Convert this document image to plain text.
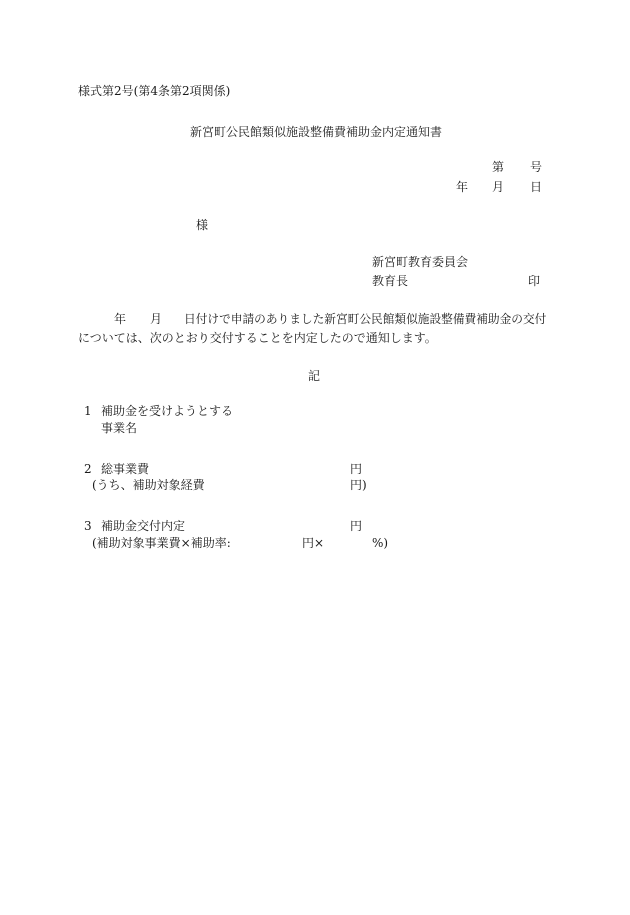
様式第2号(第4条第2項関係)
新宮町公民館類似施設整備費補助金内定通知書
第 号
年 月 日
様
新宮町教育委員会
教育長	印
年 月 日付けで申請のありました新宮町公民館類似施設整備費補助金の交付
については、次のとおり交付することを内定したので通知します。
記
1 補助金を受けようとする
事業名
2 総事業費	円
(うち、補助対象経費	円)
3 補助金交付内定	円
(補助対象事業費×補助率:	円×	%)
